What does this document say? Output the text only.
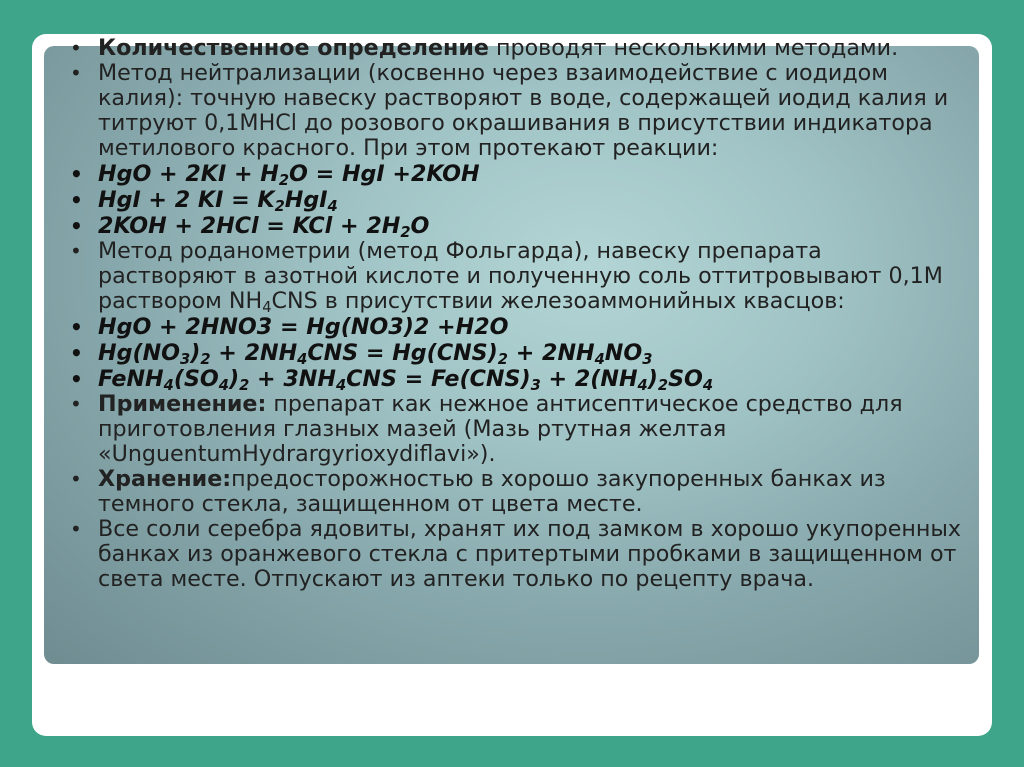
• Количественное определение проводят несколькими методами.
• Метод нейтрализации (косвенно через взаимодействие с иодидом калия): точную навеску растворяют в воде, содержащей иодид калия и титруют 0,1МHCl до розового окрашивания в присутствии индикатора метилового красного. При этом протекают реакции:
• HgO + $2KI + H_2O$ = HgI +2KOH
• HgI + 2 KI = $K_2HgI_4$
• 2KOH + 2HCl = KCl + $2H_2O$
• Метод роданометрии (метод Фольгарда), навеску препарата растворяют в азотной кислоте и полученную соль оттитровывают 0,1М раствором $NH_4CNS$ в присутствии железоаммонийных квасцов:
• HgO + 2HNO3 = Hg(NO3)2 +H2O
• $Hg(NO_3)_2 + 2NH_4CNS = Hg(CNS)_2 + 2NH_4NO_3$
• $FeNH_4(SO_4)_2 + 3NH_4CNS = Fe(CNS)_3 + 2(NH_4)_2SO_4$
• Применение: препарат как нежное антисептическое средство для приготовления глазных мазей (Мазь ртутная желтая «UnguentumHydrargyrioxydiflavi»).
• Хранение:предосторожностью в хорошо закупоренных банках из темного стекла, защищенном от цвета месте.
• Все соли серебра ядовиты, хранят их под замком в хорошо укупоренных банках из оранжевого стекла с притертыми пробками в защищенном от света месте. Отпускают из аптеки только по рецепту врача.
